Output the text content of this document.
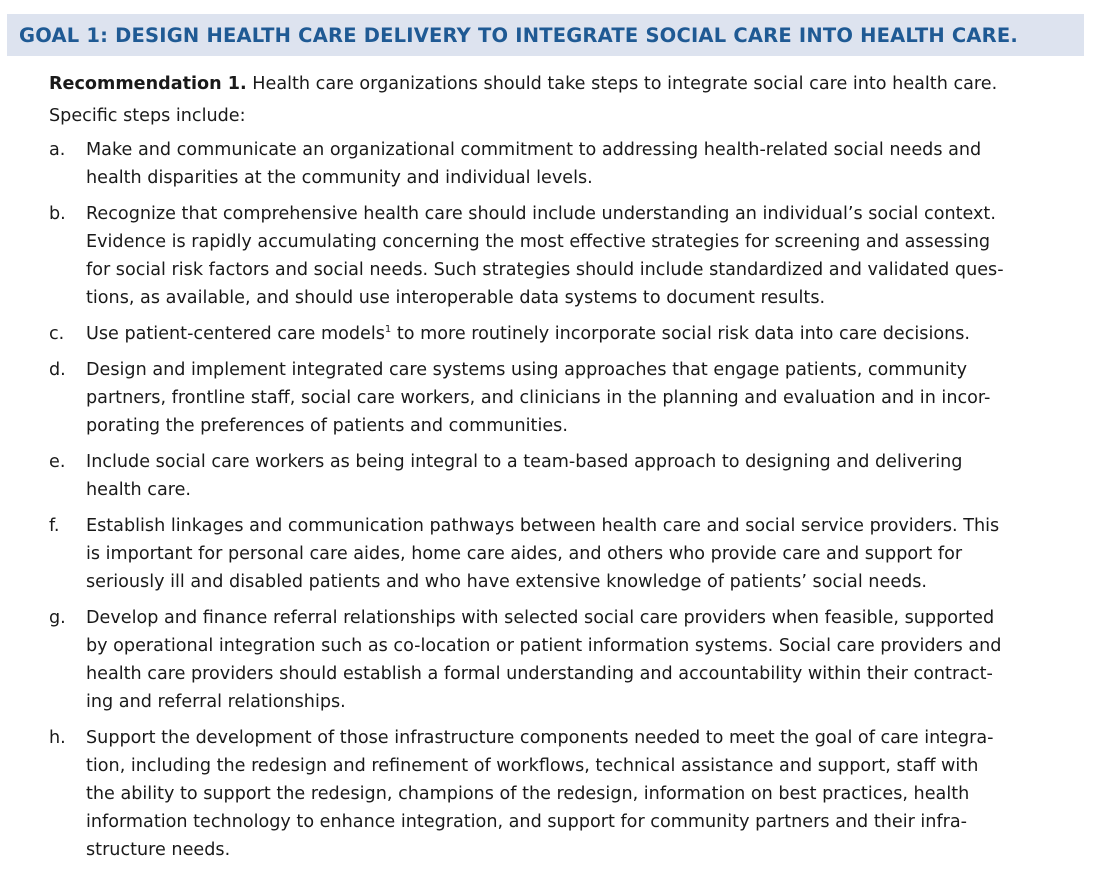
GOAL 1: DESIGN HEALTH CARE DELIVERY TO INTEGRATE SOCIAL CARE INTO HEALTH CARE.
Recommendation 1. Health care organizations should take steps to integrate social care into health care.
Specific steps include:
a. Make and communicate an organizational commitment to addressing health-related social needs and
health disparities at the community and individual levels.
b. Recognize that comprehensive health care should include understanding an individual’s social context.
Evidence is rapidly accumulating concerning the most effective strategies for screening and assessing
for social risk factors and social needs. Such strategies should include standardized and validated ques-
tions, as available, and should use interoperable data systems to document results.
c. Use patient-centered care models$^1$ to more routinely incorporate social risk data into care decisions.
d. Design and implement integrated care systems using approaches that engage patients, community
partners, frontline staff, social care workers, and clinicians in the planning and evaluation and in incor-
porating the preferences of patients and communities.
e. Include social care workers as being integral to a team-based approach to designing and delivering
health care.
f. Establish linkages and communication pathways between health care and social service providers. This
is important for personal care aides, home care aides, and others who provide care and support for
seriously ill and disabled patients and who have extensive knowledge of patients’ social needs.
g. Develop and finance referral relationships with selected social care providers when feasible, supported
by operational integration such as co-location or patient information systems. Social care providers and
health care providers should establish a formal understanding and accountability within their contract-
ing and referral relationships.
h. Support the development of those infrastructure components needed to meet the goal of care integra-
tion, including the redesign and refinement of workflows, technical assistance and support, staff with
the ability to support the redesign, champions of the redesign, information on best practices, health
information technology to enhance integration, and support for community partners and their infra-
structure needs.
